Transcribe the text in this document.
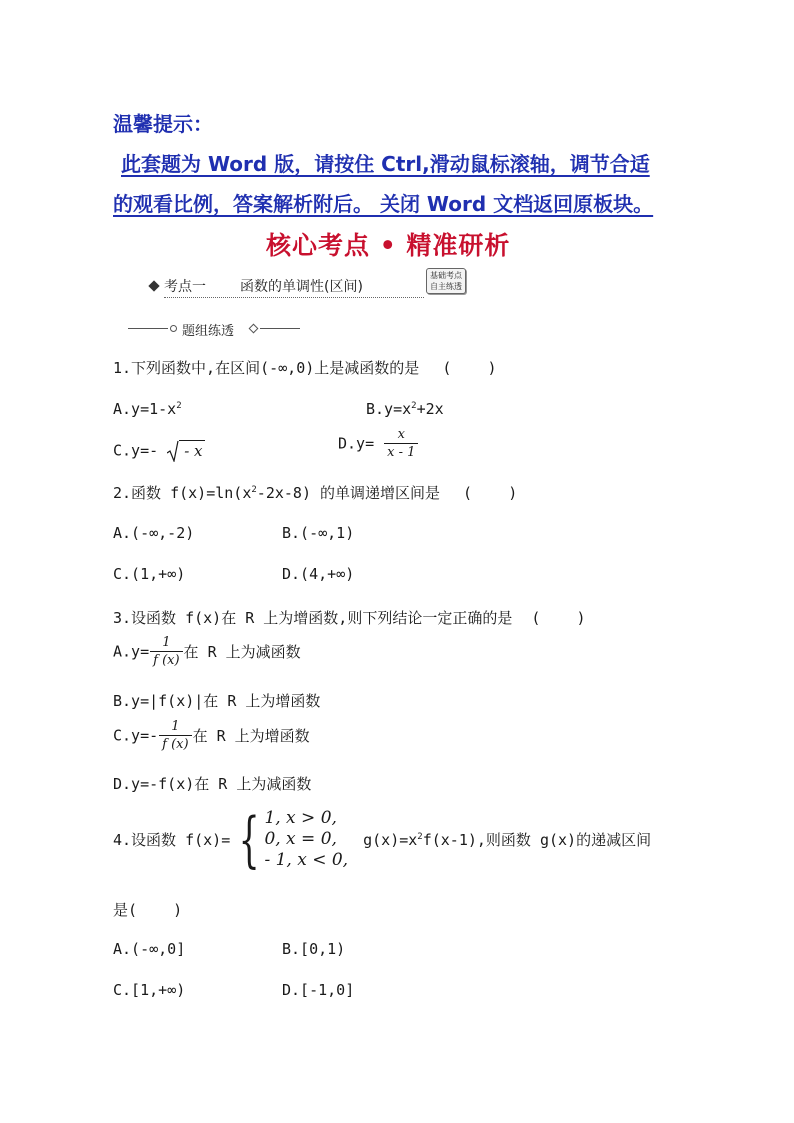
温馨提示：
此套题为 Word 版，请按住 Ctrl,滑动鼠标滚轴，调节合适
的观看比例，答案解析附后。 关闭 Word 文档返回原板块。
核心考点 • 精准研析
考点一 函数的单调性(区间)
基础考点
自主练透
题组练透
1.下列函数中,在区间(-∞,0)上是减函数的是 (    )
$A.y=1-x^2$	$B.y=x^2+2x$
C.y=- - x	$D.y= \frac{x}{x - 1}$
2.函数 $f(x)=\ln(x^2-2x-8)$ 的单调递增区间是 (    )
A.(-∞,-2)	B.(-∞,1)
C.(1,+∞)	D.(4,+∞)
3.设函数 f(x)在 R 上为增函数,则下列结论一定正确的是 (    )
$A.y= \frac{1}{f (x)}$ 在 R 上为减函数
B.y=|f(x)|在 R 上为增函数
$C.y=- \frac{1}{f (x)}$ 在 R 上为增函数
D.y=-f(x)在 R 上为减函数
4.设函数 f(x)= { 1, x > 0,
0, x = 0,
- 1, x < 0,
$g(x)=x^2f(x-1)$,则函数 g(x)的递减区间
是(    )
A.(-∞,0]	B.[0,1)
C.[1,+∞)	D.[-1,0]
